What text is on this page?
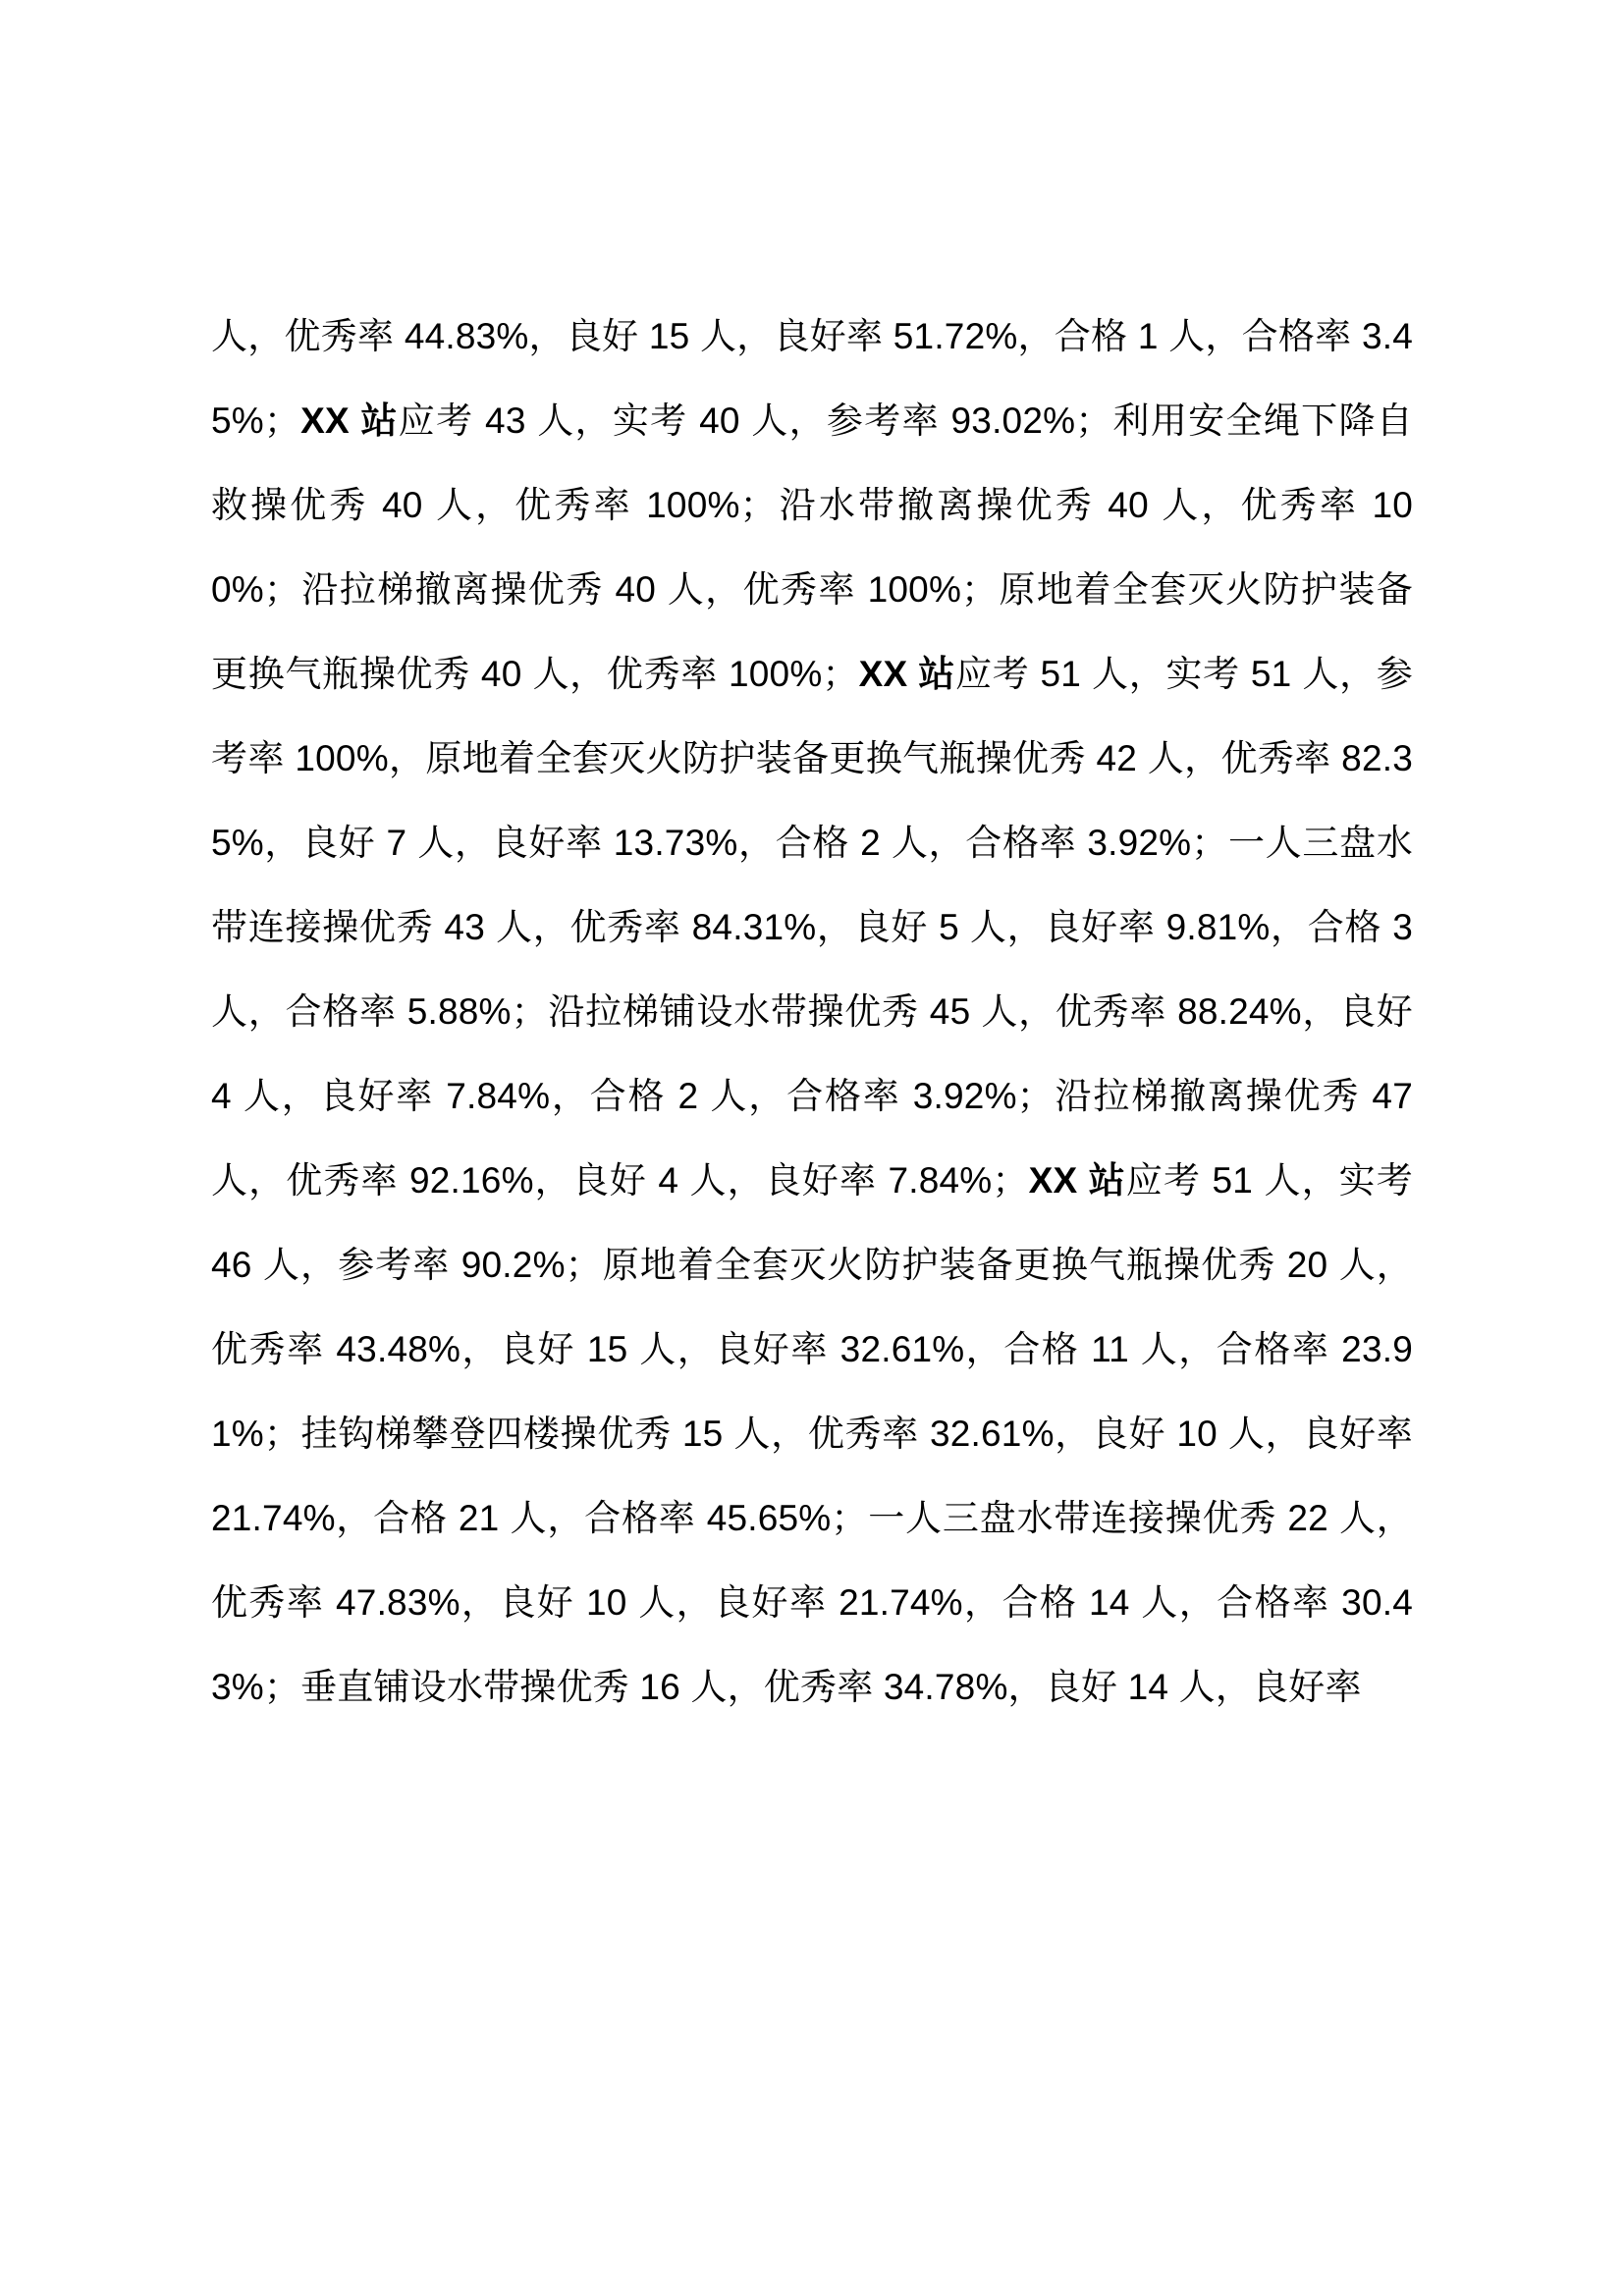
人，优秀率 44.83%，良好 15 人，良好率 51.72%，合格 1 人，合格率 3.45%；XX 站应考 43 人，实考 40 人，参考率 93.02%；利用安全绳下降自救操优秀 40 人，优秀率 100%；沿水带撤离操优秀 40 人，优秀率 100%；沿拉梯撤离操优秀 40 人，优秀率 100%；原地着全套灭火防护装备更换气瓶操优秀 40 人，优秀率 100%；XX 站应考 51 人，实考 51 人，参考率 100%，原地着全套灭火防护装备更换气瓶操优秀 42 人，优秀率 82.35%，良好 7 人，良好率 13.73%，合格 2 人，合格率 3.92%；一人三盘水带连接操优秀 43 人，优秀率 84.31%，良好 5 人，良好率 9.81%，合格 3 人，合格率 5.88%；沿拉梯铺设水带操优秀 45 人，优秀率 88.24%，良好 4 人，良好率 7.84%，合格 2 人，合格率 3.92%；沿拉梯撤离操优秀 47 人，优秀率 92.16%，良好 4 人，良好率 7.84%；XX 站应考 51 人，实考 46 人，参考率 90.2%；原地着全套灭火防护装备更换气瓶操优秀 20 人，优秀率 43.48%，良好 15 人，良好率 32.61%，合格 11 人，合格率 23.91%；挂钩梯攀登四楼操优秀 15 人，优秀率 32.61%，良好 10 人，良好率 21.74%，合格 21 人，合格率 45.65%；一人三盘水带连接操优秀 22 人，优秀率 47.83%，良好 10 人，良好率 21.74%，合格 14 人，合格率 30.43%；垂直铺设水带操优秀 16 人，优秀率 34.78%，良好 14 人，良好率
